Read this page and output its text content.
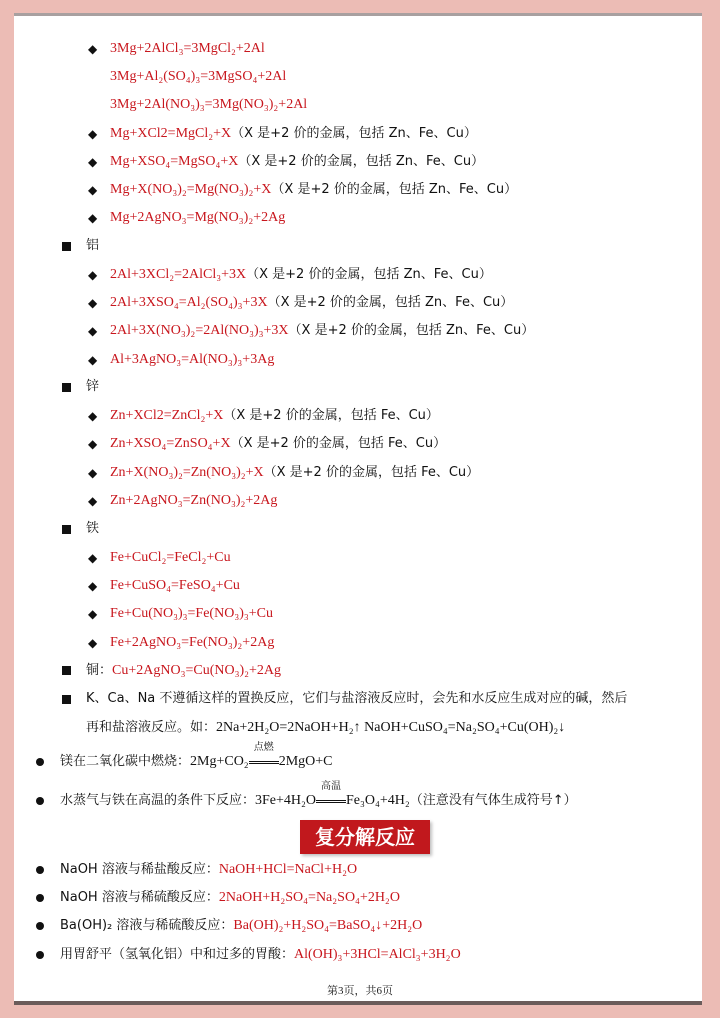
◆ 3Mg+2AlCl₃=3MgCl₂+2Al
3Mg+Al₂(SO₄)₃=3MgSO₄+2Al
3Mg+2Al(NO₃)₃=3Mg(NO₃)₂+2Al
◆ Mg+XCl2=MgCl₂+X（X 是+2 价的金属，包括 Zn、Fe、Cu）
◆ Mg+XSO₄=MgSO₄+X（X 是+2 价的金属，包括 Zn、Fe、Cu）
◆ Mg+X(NO₃)₂=Mg(NO₃)₂+X（X 是+2 价的金属，包括 Zn、Fe、Cu）
◆ Mg+2AgNO₃=Mg(NO₃)₂+2Ag
铝
◆ 2Al+3XCl₂=2AlCl₃+3X（X 是+2 价的金属，包括 Zn、Fe、Cu）
◆ 2Al+3XSO₄=Al₂(SO₄)₃+3X（X 是+2 价的金属，包括 Zn、Fe、Cu）
◆ 2Al+3X(NO₃)₂=2Al(NO₃)₃+3X（X 是+2 价的金属，包括 Zn、Fe、Cu）
◆ Al+3AgNO₃=Al(NO₃)₃+3Ag
锌
◆ Zn+XCl2=ZnCl₂+X（X 是+2 价的金属，包括 Fe、Cu）
◆ Zn+XSO₄=ZnSO₄+X（X 是+2 价的金属，包括 Fe、Cu）
◆ Zn+X(NO₃)₂=Zn(NO₃)₂+X（X 是+2 价的金属，包括 Fe、Cu）
◆ Zn+2AgNO₃=Zn(NO₃)₂+2Ag
铁
◆ Fe+CuCl₂=FeCl₂+Cu
◆ Fe+CuSO₄=FeSO₄+Cu
◆ Fe+Cu(NO₃)₃=Fe(NO₃)₃+Cu
◆ Fe+2AgNO₃=Fe(NO₃)₂+2Ag
铜：Cu+2AgNO₃=Cu(NO₃)₂+2Ag
K、Ca、Na 不遵循这样的置换反应，它们与盐溶液反应时，会先和水反应生成对应的碱，然后
再和盐溶液反应。如：2Na+2H₂O=2NaOH+H₂↑ NaOH+CuSO₄=Na₂SO₄+Cu(OH)₂↓
镁在二氧化碳中燃烧：2Mg+CO₂
点燃
2MgO+C
水蒸气与铁在高温的条件下反应：3Fe+4H₂O
高温
Fe₃O₄+4H₂（注意没有气体生成符号↑）
复分解反应
NaOH 溶液与稀盐酸反应：NaOH+HCl=NaCl+H₂O
NaOH 溶液与稀硫酸反应：2NaOH+H₂SO₄=Na₂SO₄+2H₂O
Ba(OH)₂ 溶液与稀硫酸反应：Ba(OH)₂+H₂SO₄=BaSO₄↓+2H₂O
用胃舒平（氢氧化铝）中和过多的胃酸：Al(OH)₃+3HCl=AlCl₃+3H₂O
第3页，共6页
